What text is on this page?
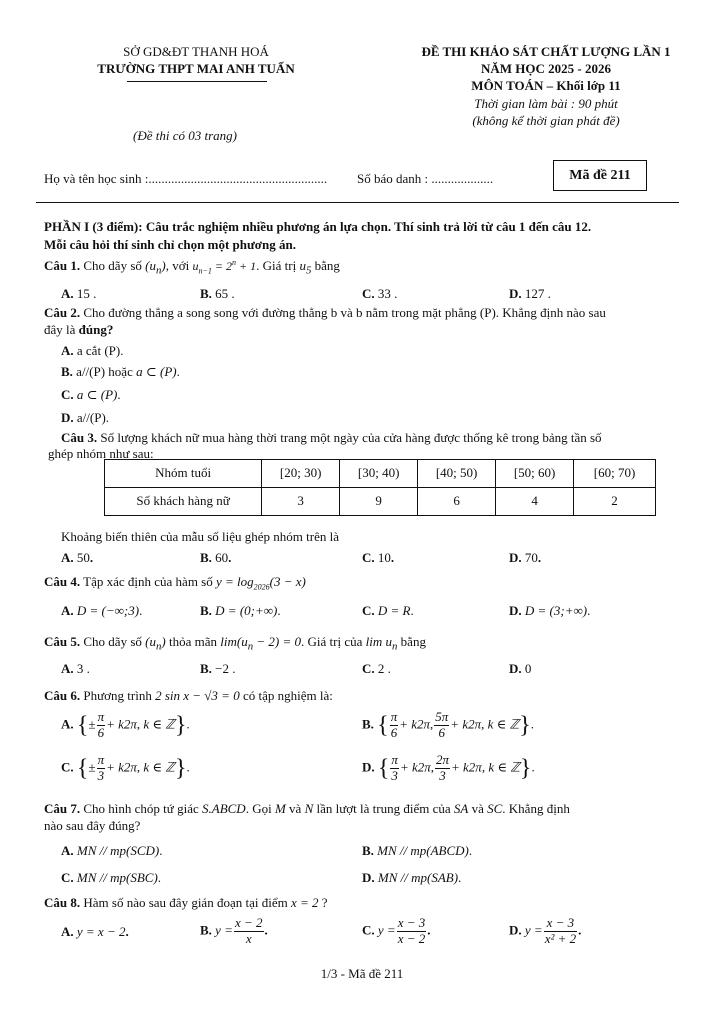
SỞ GD&ĐT THANH HOÁ
TRƯỜNG THPT MAI ANH TUẤN
(Đề thi có 03 trang)
ĐỀ THI KHẢO SÁT CHẤT LƯỢNG LẦN 1
NĂM HỌC 2025 - 2026
MÔN TOÁN – Khối lớp 11
Thời gian làm bài : 90 phút
(không kể thời gian phát đề)
Họ và tên học sinh :....................................................... Số báo danh : ...................	Mã đề 211
PHẦN I (3 điểm): Câu trắc nghiệm nhiều phương án lựa chọn. Thí sinh trả lời từ câu 1 đến câu 12.
Mỗi câu hỏi thí sinh chỉ chọn một phương án.
Câu 1. Cho dãy số $(u_n)$, với $u_{n-1} = 2^n + 1$. Giá trị $u_5$ bằng
A. 15 .	B. 65 .	C. 33 .	D. 127 .
Câu 2. Cho đường thẳng a song song với đường thẳng b và b nằm trong mặt phẳng (P). Khẳng định nào sau
đây là đúng?
A. a cắt (P).
B. a//(P) hoặc a ⊂ (P).
C. a ⊂ (P).
D. a//(P).
Câu 3. Số lượng khách nữ mua hàng thời trang một ngày của cửa hàng được thống kê trong bảng tần số
ghép nhóm như sau:
Nhóm tuổi	[20; 30)	[30; 40)	[40; 50)	[50; 60)	[60; 70)
Số khách hàng nữ	3	9	6	4	2
Khoảng biến thiên của mẫu số liệu ghép nhóm trên là
A. 50.	B. 60.	C. 10.	D. 70.
Câu 4. Tập xác định của hàm số $y = \log_{2026}(3 - x)$
A. D = (−∞;3).	B. D = (0;+∞).	C. D = R.	D. D = (3;+∞).
Câu 5. Cho dãy số $(u_n)$ thỏa mãn $\lim(u_n - 2) = 0$. Giá trị của $\lim u_n$ bằng
A. 3 .	B. −2 .	C. 2 .	D. 0
Câu 6. Phương trình 2 sin x − √3 = 0 có tập nghiệm là:
A. {± $\frac{\pi}{6} + k2\pi$, k ∈ ℤ}.	B. { $\frac{\pi}{6} + k2\pi$, $\frac{5\pi}{6} + k2\pi$, k ∈ ℤ}.
C. {± $\frac{\pi}{3} + k2\pi$, k ∈ ℤ}.	D. { $\frac{\pi}{3} + k2\pi$, $\frac{2\pi}{3} + k2\pi$, k ∈ ℤ}.
Câu 7. Cho hình chóp tứ giác S.ABCD. Gọi M và N lần lượt là trung điểm của SA và SC. Khẳng định
nào sau đây đúng?
A. MN // mp(SCD).	B. MN // mp(ABCD).
C. MN // mp(SBC).	D. MN // mp(SAB).
Câu 8. Hàm số nào sau đây gián đoạn tại điểm x = 2 ?
A. y = x − 2.	B. $y = \frac{x - 2}{x}$ .	C. $y = \frac{x - 3}{x - 2}$ .	D. $y = \frac{x - 3}{\text{x² + 2}}$ .
1/3 - Mã đề 211
